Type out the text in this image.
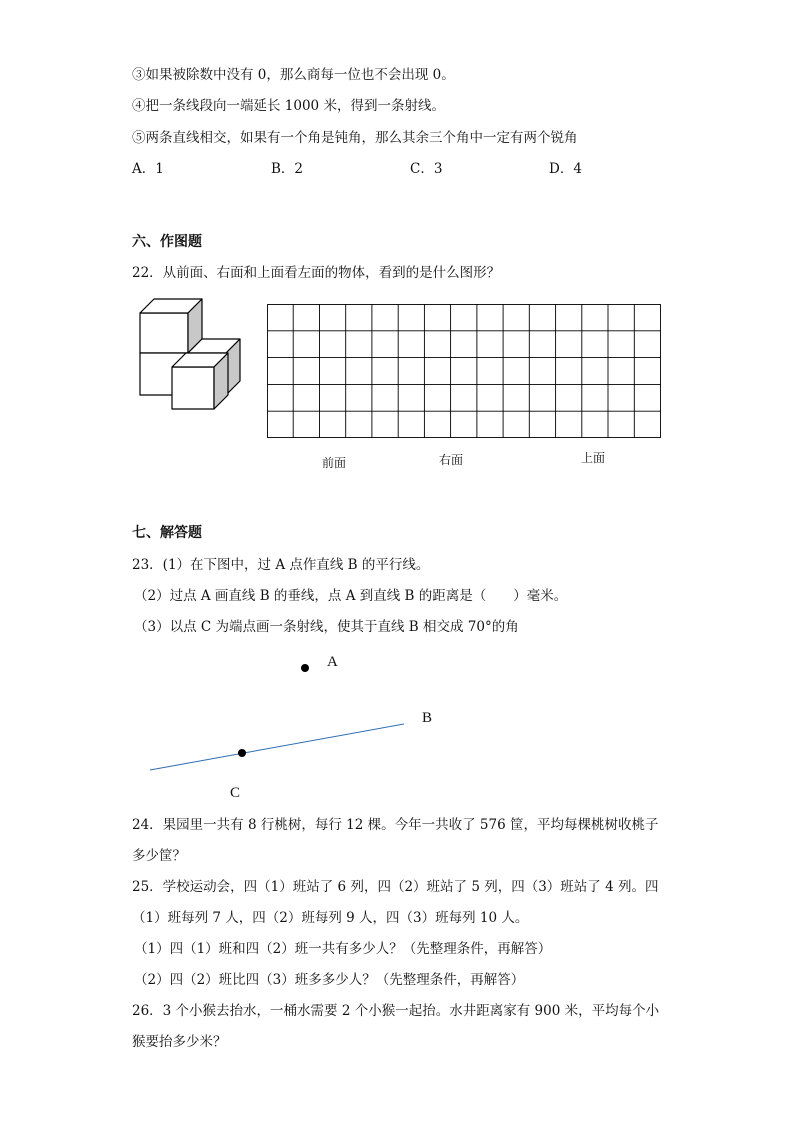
③如果被除数中没有 0，那么商每一位也不会出现 0。
④把一条线段向一端延长 1000 米，得到一条射线。
⑤两条直线相交，如果有一个角是钝角，那么其余三个角中一定有两个锐角
A．1	B．2	C．3	D．4
六、作图题
22．从前面、右面和上面看左面的物体，看到的是什么图形？
前面	右面	上面
七、解答题
23．(1）在下图中，过 A 点作直线 B 的平行线。
（2）过点 A 画直线 B 的垂线，点 A 到直线 B 的距离是（　　）毫米。
（3）以点 C 为端点画一条射线，使其于直线 B 相交成 70°的角
A
B
C
24．果园里一共有 8 行桃树，每行 12 棵。今年一共收了 576 筐，平均每棵桃树收桃子
多少筐？
25．学校运动会，四（1）班站了 6 列，四（2）班站了 5 列，四（3）班站了 4 列。四
（1）班每列 7 人，四（2）班每列 9 人，四（3）班每列 10 人。
（1）四（1）班和四（2）班一共有多少人？（先整理条件，再解答）
（2）四（2）班比四（3）班多多少人？（先整理条件，再解答）
26．3 个小猴去抬水，一桶水需要 2 个小猴一起抬。水井距离家有 900 米，平均每个小
猴要抬多少米？
